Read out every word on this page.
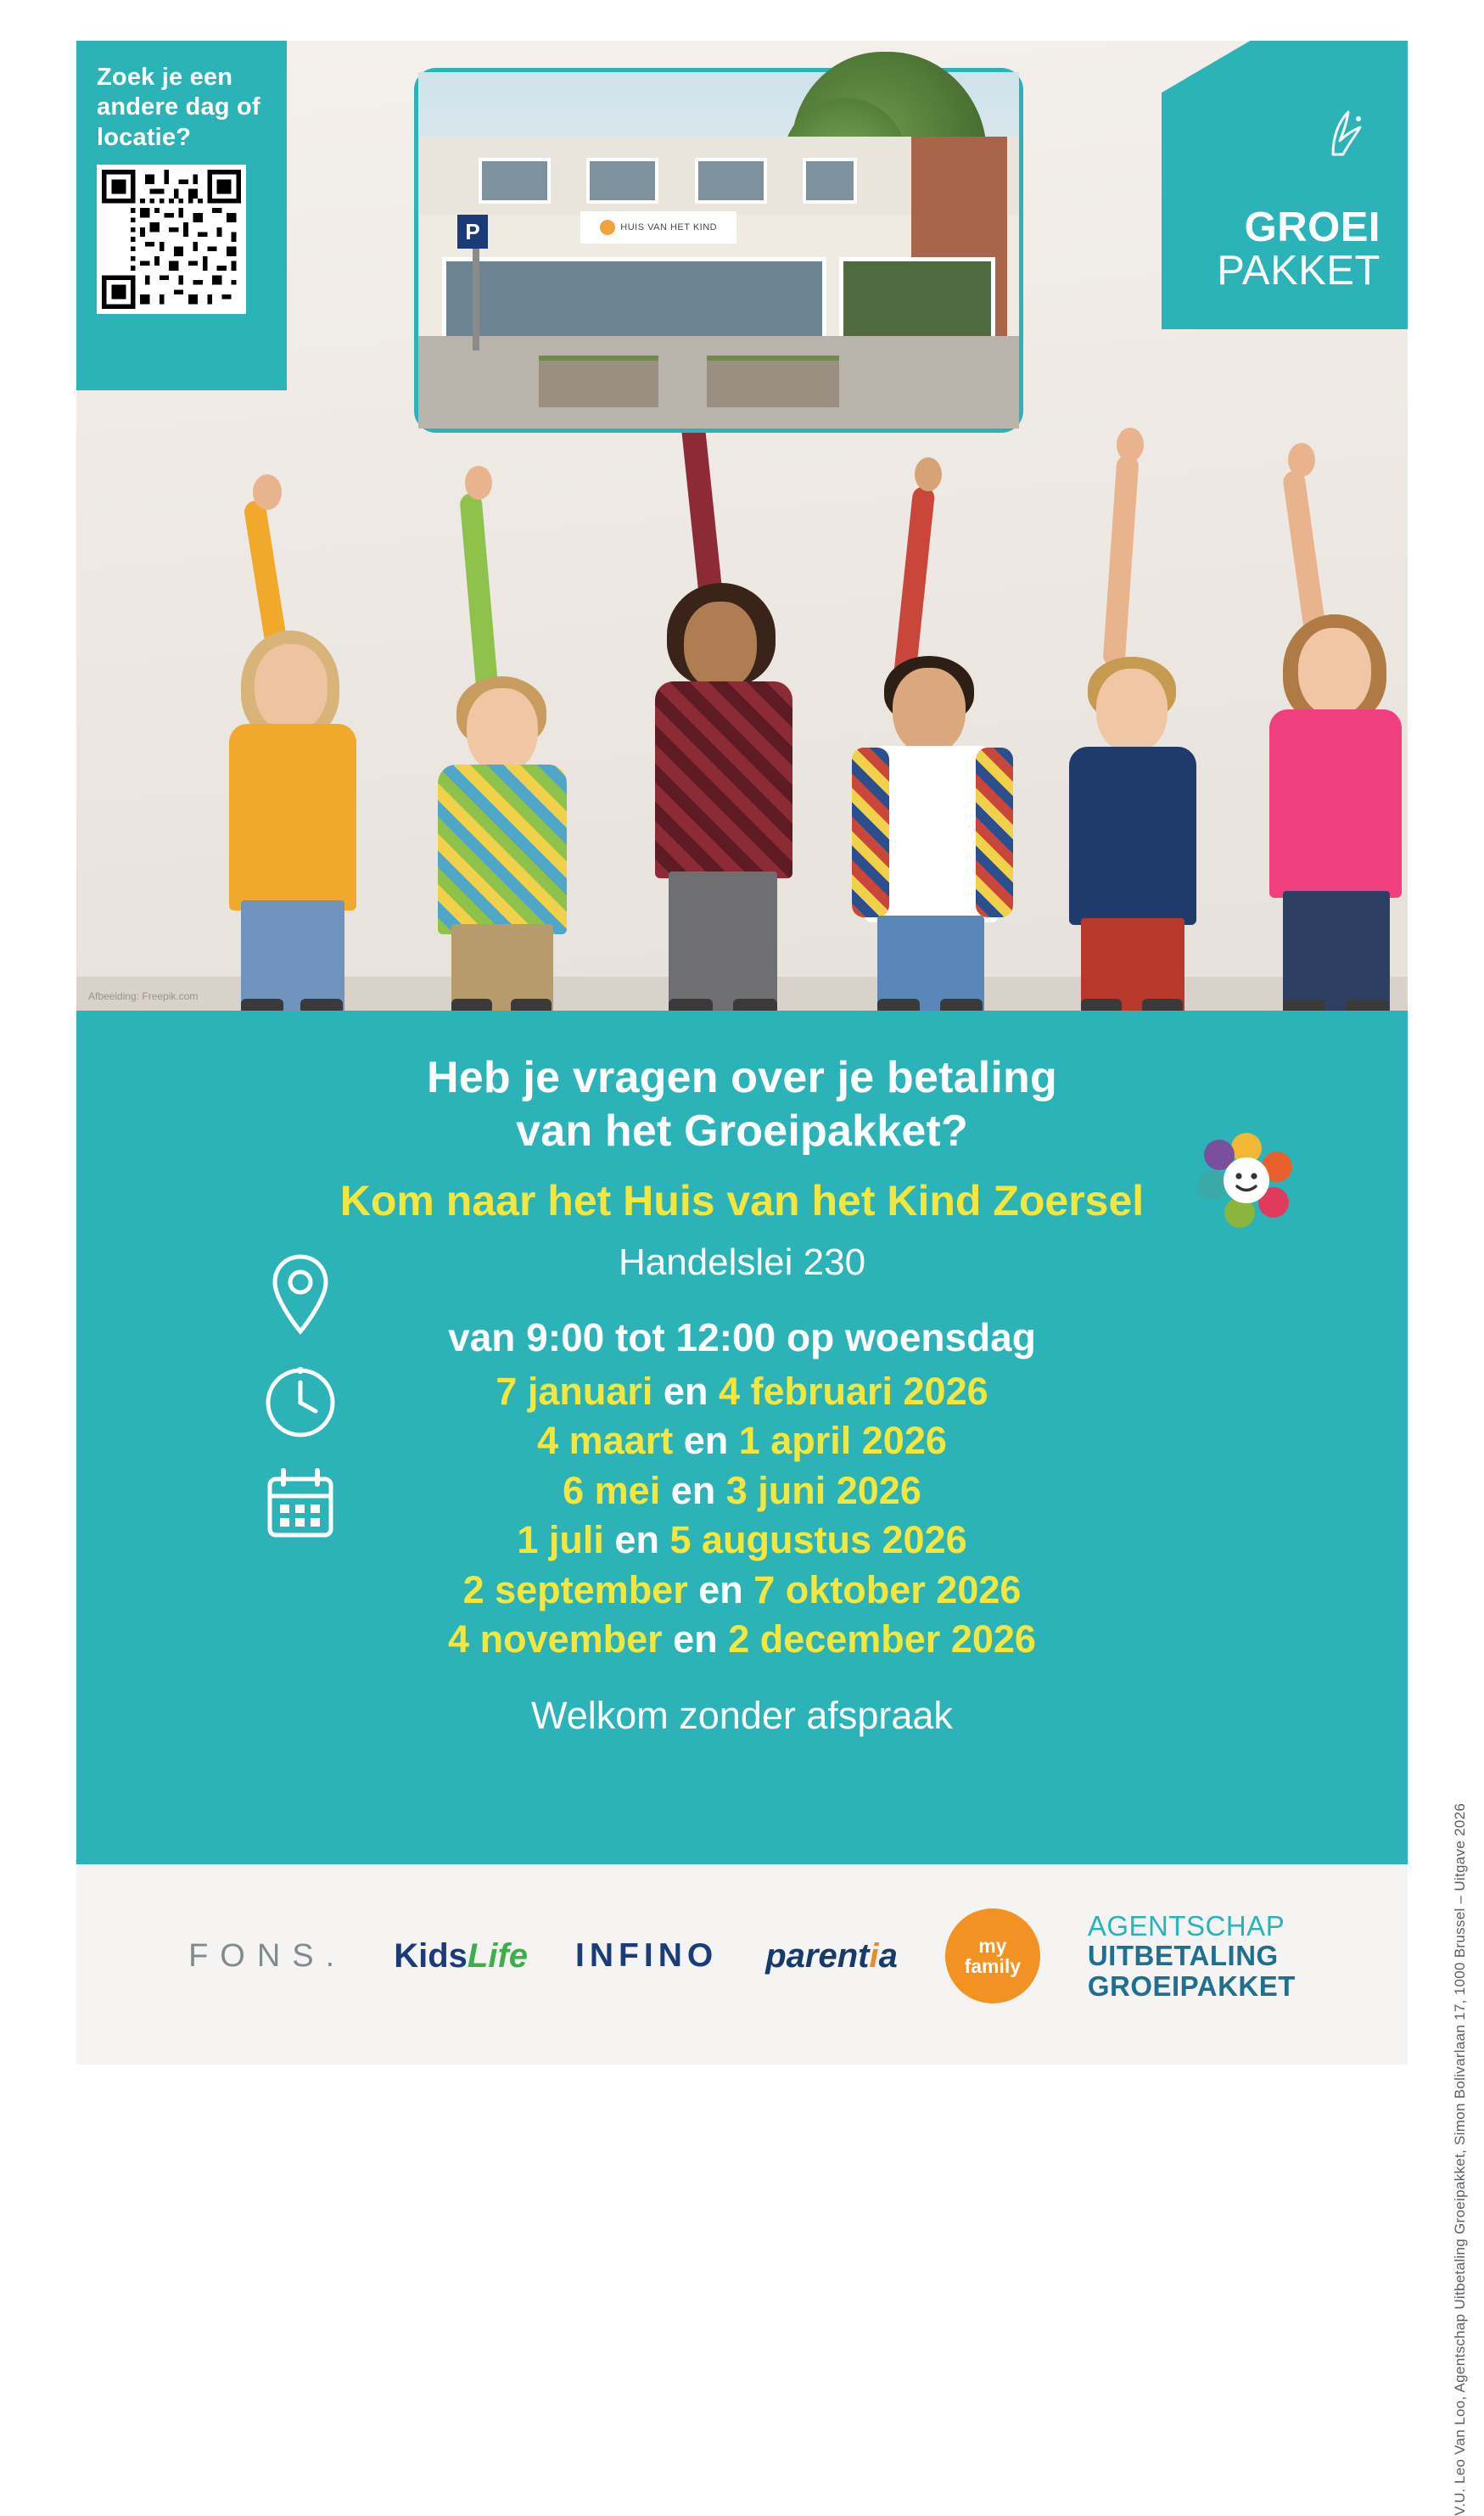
Afbeelding: Freepik.com
HUIS VAN HET KIND
P	GROEI
PAKKET

Zoek je een andere dag of locatie?

Heb je vragen over je betaling
van het Groeipakket?

Kom naar het Huis van het Kind Zoersel

Handelslei 230

van 9:00 tot 12:00 op woensdag

7 januari en 4 februari 2026
4 maart en 1 april 2026
6 mei en 3 juni 2026
1 juli en 5 augustus 2026
2 september en 7 oktober 2026
4 november en 2 december 2026

Welkom zonder afspraak

V.U. Leo Van Loo, Agentschap Uitbetaling Groeipakket, Simon Bolivarlaan 17, 1000 Brussel – Uitgave 2026
FONS. KidsLife INFINO parentia	my
family
AGENTSCHAP
UITBETALING
GROEIPAKKET
